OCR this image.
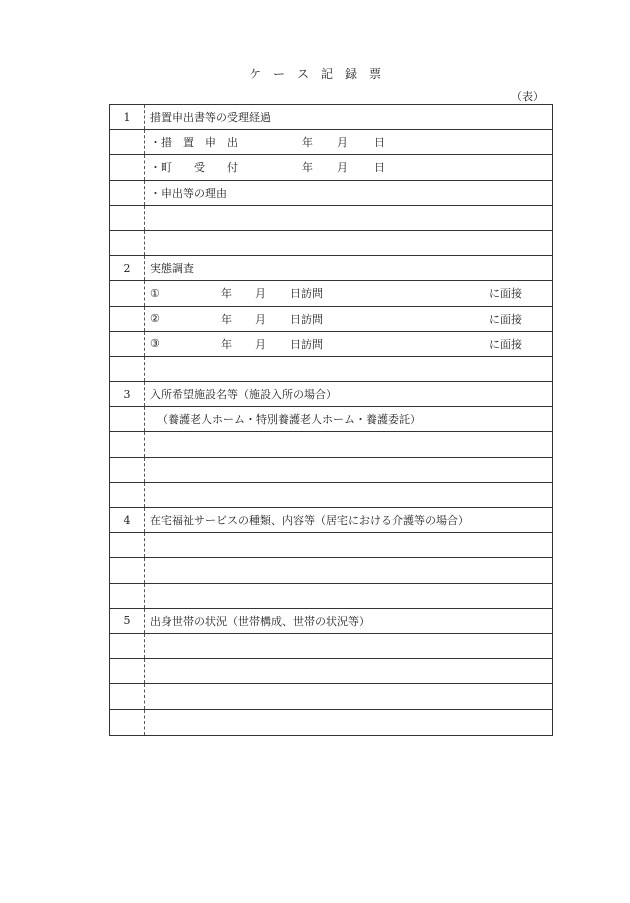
ケ　ー　ス　記　録　票
（表）
1	措置申出書等の受理経過
・措　置　申　出	年 月 日
・町　　受　　付	年 月 日
・申出等の理由
2	実態調査
①	年 月 日訪問	に面接
②	年 月 日訪問	に面接
③	年 月 日訪問	に面接
3	入所希望施設名等（施設入所の場合）
（養護老人ホーム・特別養護老人ホーム・養護委託）
4	在宅福祉サービスの種類、内容等（居宅における介護等の場合）
5	出身世帯の状況（世帯構成、世帯の状況等）
